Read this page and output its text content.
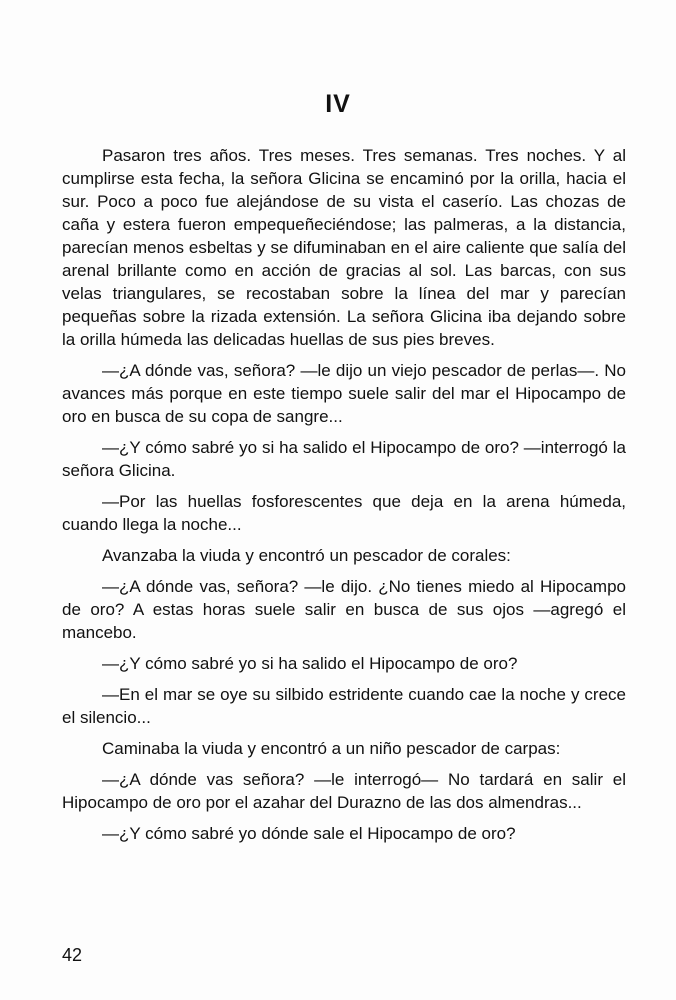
IV

Pasaron tres años. Tres meses. Tres semanas. Tres noches. Y al cumplirse esta fecha, la señora Glicina se encaminó por la orilla, hacia el sur. Poco a poco fue alejándose de su vista el caserío. Las chozas de caña y estera fueron empequeñeciéndose; las palmeras, a la distancia, parecían menos esbeltas y se difuminaban en el aire caliente que salía del arenal brillante como en acción de gracias al sol. Las barcas, con sus velas triangulares, se recostaban sobre la línea del mar y parecían pequeñas sobre la rizada extensión. La señora Glicina iba dejando sobre la orilla húmeda las delicadas huellas de sus pies breves.

—¿A dónde vas, señora? —le dijo un viejo pescador de perlas—. No avances más porque en este tiempo suele salir del mar el Hipocampo de oro en busca de su copa de sangre...

—¿Y cómo sabré yo si ha salido el Hipocampo de oro? —interrogó la señora Glicina.

—Por las huellas fosforescentes que deja en la arena húmeda, cuando llega la noche...

Avanzaba la viuda y encontró un pescador de corales:

—¿A dónde vas, señora? —le dijo. ¿No tienes miedo al Hipocampo de oro? A estas horas suele salir en busca de sus ojos —agregó el mancebo.

—¿Y cómo sabré yo si ha salido el Hipocampo de oro?

—En el mar se oye su silbido estridente cuando cae la noche y crece el silencio...

Caminaba la viuda y encontró a un niño pescador de carpas:

—¿A dónde vas señora? —le interrogó— No tardará en salir el Hipocampo de oro por el azahar del Durazno de las dos almendras...

—¿Y cómo sabré yo dónde sale el Hipocampo de oro?

42
